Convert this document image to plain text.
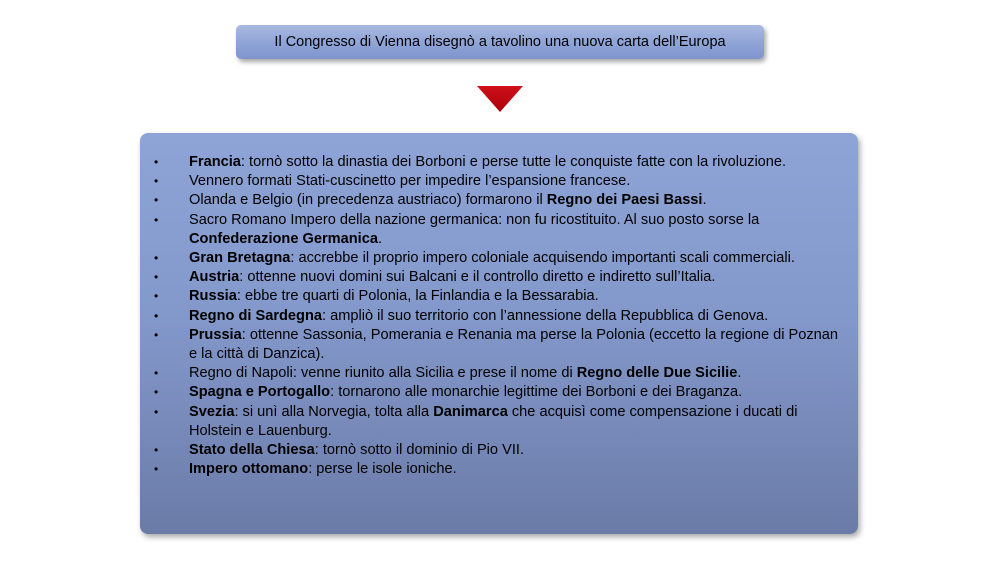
Il Congresso di Vienna disegnò a tavolino una nuova carta dell’Europa
•	Francia: tornò sotto la dinastia dei Borboni e perse tutte le conquiste fatte con la rivoluzione.
•	Vennero formati Stati-cuscinetto per impedire l’espansione francese.
•	Olanda e Belgio (in precedenza austriaco) formarono il Regno dei Paesi Bassi.
•	Sacro Romano Impero della nazione germanica: non fu ricostituito. Al suo posto sorse la Confederazione Germanica.
•	Gran Bretagna: accrebbe il proprio impero coloniale acquisendo importanti scali commerciali.
•	Austria: ottenne nuovi domini sui Balcani e il controllo diretto e indiretto sull’Italia.
•	Russia: ebbe tre quarti di Polonia, la Finlandia e la Bessarabia.
•	Regno di Sardegna: ampliò il suo territorio con l’annessione della Repubblica di Genova.
•	Prussia: ottenne Sassonia, Pomerania e Renania ma perse la Polonia (eccetto la regione di Poznan e la città di Danzica).
•	Regno di Napoli: venne riunito alla Sicilia e prese il nome di Regno delle Due Sicilie.
•	Spagna e Portogallo: tornarono alle monarchie legittime dei Borboni e dei Braganza.
•	Svezia: si unì alla Norvegia, tolta alla Danimarca che acquisì come compensazione i ducati di Holstein e Lauenburg.
•	Stato della Chiesa: tornò sotto il dominio di Pio VII.
•	Impero ottomano: perse le isole ioniche.
